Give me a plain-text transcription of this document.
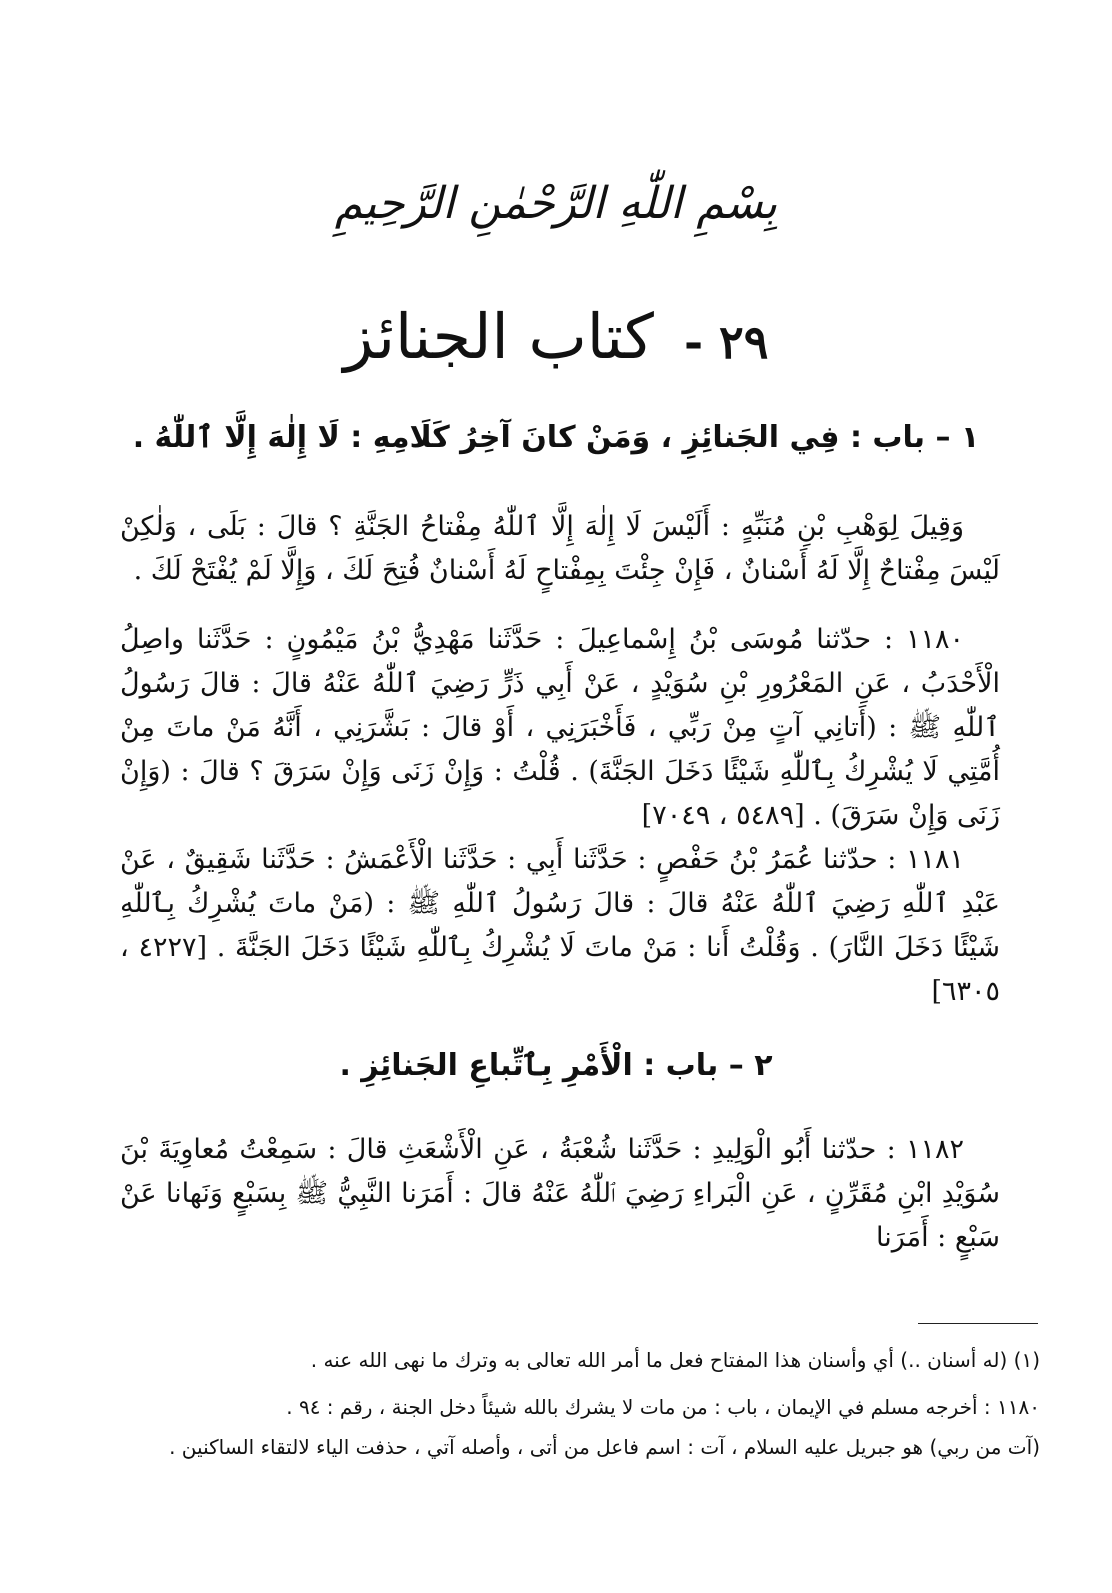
بِسْمِ اللّٰهِ الرَّحْمٰنِ الرَّحِيمِ
٢٩ -كتاب الجنائز
١ – باب : فِي الجَنائِزِ ، وَمَنْ كانَ آخِرُ كَلَامِهِ : لَا إِلٰهَ إِلَّا ٱللّٰهُ .
وَقِيلَ لِوَهْبِ بْنِ مُنَبِّهٍ : أَلَيْسَ لَا إِلٰهَ إِلَّا ٱللّٰهُ مِفْتاحُ الجَنَّةِ ؟ قالَ : بَلَى ، وَلٰكِنْ لَيْسَ مِفْتاحٌ إِلَّا لَهُ أَسْنانٌ ، فَإِنْ جِئْتَ بِمِفْتاحٍ لَهُ أَسْنانٌ فُتِحَ لَكَ ، وَإِلَّا لَمْ يُفْتَحْ لَكَ .
١١٨٠ : حدّثنا مُوسَى بْنُ إِسْماعِيلَ : حَدَّثَنا مَهْدِيُّ بْنُ مَيْمُونٍ : حَدَّثَنا واصِلُ الْأَحْدَبُ ، عَنِ المَعْرُورِ بْنِ سُوَيْدٍ ، عَنْ أَبِي ذَرٍّ رَضِيَ ٱللّٰهُ عَنْهُ قالَ : قالَ رَسُولُ ٱللّٰهِ ﷺ : (أَتانِي آتٍ مِنْ رَبِّي ، فَأَخْبَرَنِي ، أَوْ قالَ : بَشَّرَنِي ، أَنَّهُ مَنْ ماتَ مِنْ أُمَّتِي لَا يُشْرِكُ بِٱللّٰهِ شَيْئًا دَخَلَ الجَنَّةَ) . قُلْتُ : وَإِنْ زَنَى وَإِنْ سَرَقَ ؟ قالَ : (وَإِنْ زَنَى وَإِنْ سَرَقَ) . [٥٤٨٩ ، ٧٠٤٩]
١١٨١ : حدّثنا عُمَرُ بْنُ حَفْصٍ : حَدَّثَنا أَبِي : حَدَّثَنا الْأَعْمَشُ : حَدَّثَنا شَقِيقٌ ، عَنْ عَبْدِ ٱللّٰهِ رَضِيَ ٱللّٰهُ عَنْهُ قالَ : قالَ رَسُولُ ٱللّٰهِ ﷺ : (مَنْ ماتَ يُشْرِكُ بِٱللّٰهِ شَيْئًا دَخَلَ النَّارَ) . وَقُلْتُ أَنا : مَنْ ماتَ لَا يُشْرِكُ بِٱللّٰهِ شَيْئًا دَخَلَ الجَنَّةَ . [٤٢٢٧ ، ٦٣٠٥]
٢ – باب : الْأَمْرِ بِٱتِّباعِ الجَنائِزِ .
١١٨٢ : حدّثنا أَبُو الْوَلِيدِ : حَدَّثَنا شُعْبَةُ ، عَنِ الْأَشْعَثِ قالَ : سَمِعْتُ مُعاوِيَةَ بْنَ سُوَيْدِ ابْنِ مُقَرِّنٍ ، عَنِ الْبَراءِ رَضِيَ ٱللّٰهُ عَنْهُ قالَ : أَمَرَنا النَّبِيُّ ﷺ بِسَبْعٍ وَنَهانا عَنْ سَبْعٍ : أَمَرَنا
(١) (له أسنان ..) أي وأسنان هذا المفتاح فعل ما أمر الله تعالى به وترك ما نهى الله عنه .
١١٨٠ : أخرجه مسلم في الإيمان ، باب : من مات لا يشرك بالله شيئاً دخل الجنة ، رقم : ٩٤ .
(آت من ربي) هو جبريل عليه السلام ، آت : اسم فاعل من أتى ، وأصله آتي ، حذفت الياء لالتقاء الساكنين .
